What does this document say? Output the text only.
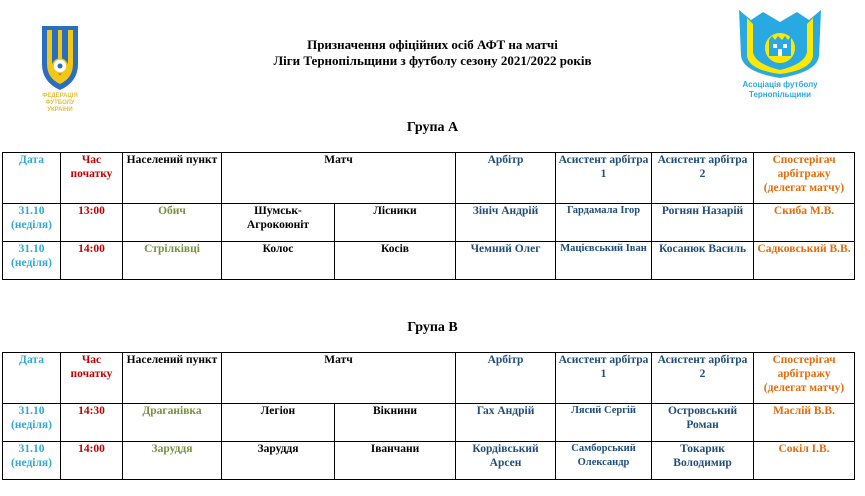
ФЕДЕРАЦІЯ
ФУТБОЛУ
УКРАЇНИ
Асоціація футболу
Тернопільщини
Призначення офіційних осіб АФТ на матчі
Ліги Тернопільщини з футболу сезону 2021/2022 років
Група А
Дата	Час початку	Населений пункт	Матч		Арбітр	Асистент арбітра 1	Асистент арбітра 2	Спостерігач арбітражу (делегат матчу)
31.10 (неділя)	13:00	Обич	Шумськ-Агрокоюніт	Лісники	Зініч Андрій	Гардамала Ігор	Рогнян Назарій	Скиба М.В.
31.10 (неділя)	14:00	Стрілківці	Колос	Косів	Чемний Олег	Мацієвський Іван	Косанюк Василь	Садковський В.В.
Група В
Дата	Час початку	Населений пункт	Матч		Арбітр	Асистент арбітра 1	Асистент арбітра 2	Спостерігач арбітражу (делегат матчу)
31.10 (неділя)	14:30	Драганівка	Легіон	Вікнини	Гах Андрій	Лясий Сергій	Островський Роман	Маслій В.В.
31.10 (неділя)	14:00	Заруддя	Заруддя	Іванчани	Кордівський Арсен	Самборський Олександр	Токарик Володимир	Сокіл І.В.
